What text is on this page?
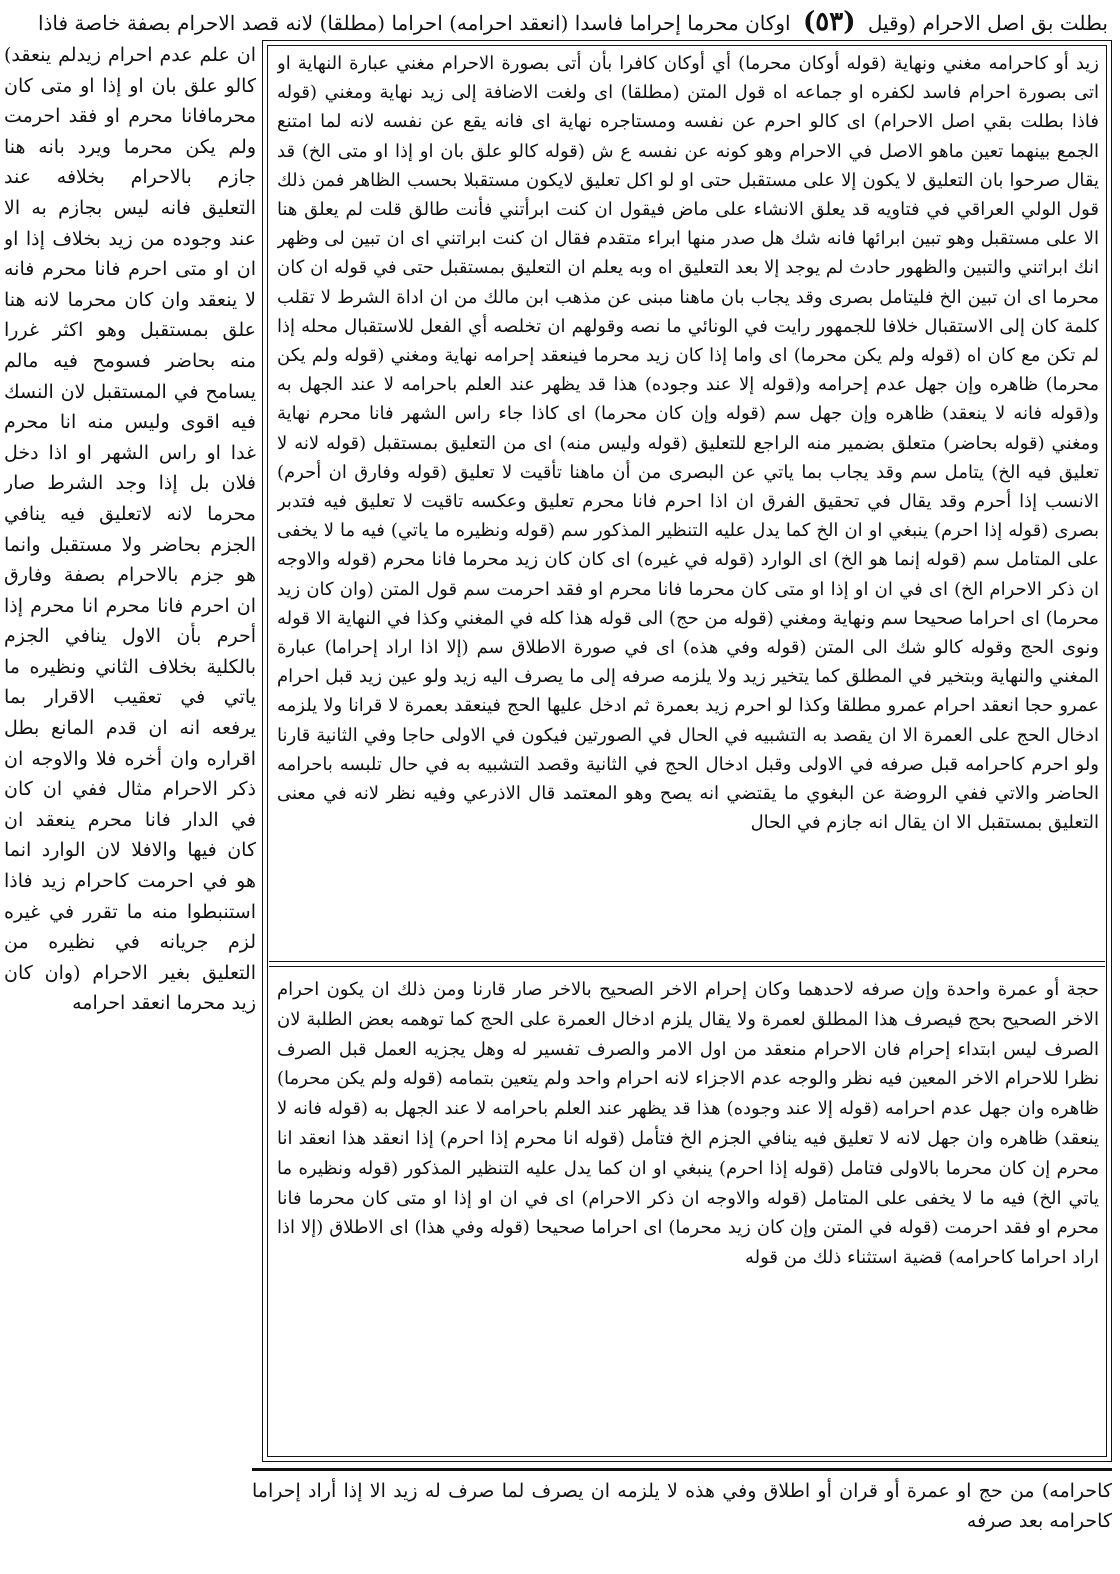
بطلت بق اصل الاحرام (وقيل (٥٣) اوكان محرما إحراما فاسدا (انعقد احرامه) احراما (مطلقا) لانه قصد الاحرام بصفة خاصة فاذا
ان علم عدم احرام زيدلم ينعقد) كالو علق بان او إذا او متى كان محرمافانا محرم او فقد احرمت ولم يكن محرما ويرد بانه هنا جازم بالاحرام بخلافه عند التعليق فانه ليس بجازم به الا عند وجوده من زيد بخلاف إذا او ان او متى احرم فانا محرم فانه لا ينعقد وان كان محرما لانه هنا علق بمستقبل وهو اكثر غررا منه بحاضر فسومح فيه مالم يسامح في المستقبل لان النسك فيه اقوى وليس منه انا محرم غدا او راس الشهر او اذا دخل فلان بل إذا وجد الشرط صار محرما لانه لاتعليق فيه ينافي الجزم بحاضر ولا مستقبل وانما هو جزم بالاحرام بصفة وفارق ان احرم فانا محرم انا محرم إذا أحرم بأن الاول ينافي الجزم بالكلية بخلاف الثاني ونظيره ما ياتي في تعقيب الاقرار بما يرفعه انه ان قدم المانع بطل اقراره وان أخره فلا والاوجه ان ذكر الاحرام مثال ففي ان كان في الدار فانا محرم ينعقد ان كان فيها والافلا لان الوارد انما هو في احرمت كاحرام زيد فاذا استنبطوا منه ما تقرر في غيره لزم جريانه في نظيره من التعليق بغير الاحرام (وان كان زيد محرما انعقد احرامه
زيد أو كاحرامه مغني ونهاية (قوله أوكان محرما) أي أوكان كافرا بأن أتى بصورة الاحرام مغني عبارة النهاية او اتى بصورة احرام فاسد لكفره او جماعه اه قول المتن (مطلقا) اى ولغت الاضافة إلى زيد نهاية ومغني (قوله فاذا بطلت بقي اصل الاحرام) اى كالو احرم عن نفسه ومستاجره نهاية اى فانه يقع عن نفسه لانه لما امتنع الجمع بينهما تعين ماهو الاصل في الاحرام وهو كونه عن نفسه ع ش (قوله كالو علق بان او إذا او متى الخ) قد يقال صرحوا بان التعليق لا يكون إلا على مستقبل حتى او لو اكل تعليق لايكون مستقبلا بحسب الظاهر فمن ذلك قول الولي العراقي في فتاويه قد يعلق الانشاء على ماض فيقول ان كنت ابرأتني فأنت طالق قلت لم يعلق هنا الا على مستقبل وهو تبين ابرائها فانه شك هل صدر منها ابراء متقدم فقال ان كنت ابراتني اى ان تبين لى وظهر انك ابراتني والتبين والظهور حادث لم يوجد إلا بعد التعليق اه وبه يعلم ان التعليق بمستقبل حتى في قوله ان كان محرما اى ان تبين الخ فليتامل بصرى وقد يجاب بان ماهنا مبنى عن مذهب ابن مالك من ان اداة الشرط لا تقلب كلمة كان إلى الاستقبال خلافا للجمهور رايت في الونائي ما نصه وقولهم ان تخلصه أي الفعل للاستقبال محله إذا لم تكن مع كان اه (قوله ولم يكن محرما) اى واما إذا كان زيد محرما فينعقد إحرامه نهاية ومغني (قوله ولم يكن محرما) ظاهره وإن جهل عدم إحرامه و(قوله إلا عند وجوده) هذا قد يظهر عند العلم باحرامه لا عند الجهل به و(قوله فانه لا ينعقد) ظاهره وإن جهل سم (قوله وإن كان محرما) اى كاذا جاء راس الشهر فانا محرم نهاية ومغني (قوله بحاضر) متعلق بضمير منه الراجع للتعليق (قوله وليس منه) اى من التعليق بمستقبل (قوله لانه لا تعليق فيه الخ) يتامل سم وقد يجاب بما ياتي عن البصرى من أن ماهنا تأقيت لا تعليق (قوله وفارق ان أحرم) الانسب إذا أحرم وقد يقال في تحقيق الفرق ان اذا احرم فانا محرم تعليق وعكسه تاقيت لا تعليق فيه فتدبر بصرى (قوله إذا احرم) ينبغي او ان الخ كما يدل عليه التنظير المذكور سم (قوله ونظيره ما ياتي) فيه ما لا يخفى على المتامل سم (قوله إنما هو الخ) اى الوارد (قوله في غيره) اى كان كان زيد محرما فانا محرم (قوله والاوجه ان ذكر الاحرام الخ) اى في ان او إذا او متى كان محرما فانا محرم او فقد احرمت سم قول المتن (وان كان زيد محرما) اى احراما صحيحا سم ونهاية ومغني (قوله من حج) الى قوله هذا كله في المغني وكذا في النهاية الا قوله ونوى الحج وقوله كالو شك الى المتن (قوله وفي هذه) اى في صورة الاطلاق سم (إلا اذا اراد إحراما) عبارة المغني والنهاية وبتخير في المطلق كما يتخير زيد ولا يلزمه صرفه إلى ما يصرف اليه زيد ولو عين زيد قبل احرام عمرو حجا انعقد احرام عمرو مطلقا وكذا لو احرم زيد بعمرة ثم ادخل عليها الحج فينعقد بعمرة لا قرانا ولا يلزمه ادخال الحج على العمرة الا ان يقصد به التشبيه في الحال في الصورتين فيكون في الاولى حاجا وفي الثانية قارنا ولو احرم كاحرامه قبل صرفه في الاولى وقبل ادخال الحج في الثانية وقصد التشبيه به في حال تلبسه باحرامه الحاضر والاتي ففي الروضة عن البغوي ما يقتضي انه يصح وهو المعتمد قال الاذرعي وفيه نظر لانه في معنى التعليق بمستقبل الا ان يقال انه جازم في الحال
حجة أو عمرة واحدة وإن صرفه لاحدهما وكان إحرام الاخر الصحيح بالاخر صار قارنا ومن ذلك ان يكون احرام الاخر الصحيح بحج فيصرف هذا المطلق لعمرة ولا يقال يلزم ادخال العمرة على الحج كما توهمه بعض الطلبة لان الصرف ليس ابتداء إحرام فان الاحرام منعقد من اول الامر والصرف تفسير له وهل يجزيه العمل قبل الصرف نظرا للاحرام الاخر المعين فيه نظر والوجه عدم الاجزاء لانه احرام واحد ولم يتعين بتمامه (قوله ولم يكن محرما) ظاهره وان جهل عدم احرامه (قوله إلا عند وجوده) هذا قد يظهر عند العلم باحرامه لا عند الجهل به (قوله فانه لا ينعقد) ظاهره وان جهل لانه لا تعليق فيه ينافي الجزم الخ فتأمل (قوله انا محرم إذا احرم) إذا انعقد هذا انعقد انا محرم إن كان محرما بالاولى فتامل (قوله إذا احرم) ينبغي او ان كما يدل عليه التنظير المذكور (قوله ونظيره ما ياتي الخ) فيه ما لا يخفى على المتامل (قوله والاوجه ان ذكر الاحرام) اى في ان او إذا او متى كان محرما فانا محرم او فقد احرمت (قوله في المتن وإن كان زيد محرما) اى احراما صحيحا (قوله وفي هذا) اى الاطلاق (إلا اذا اراد احراما كاحرامه) قضية استثناء ذلك من قوله
كاحرامه) من حج او عمرة أو قران أو اطلاق وفي هذه لا يلزمه ان يصرف لما صرف له زيد الا إذا أراد إحراما كاحرامه بعد صرفه
